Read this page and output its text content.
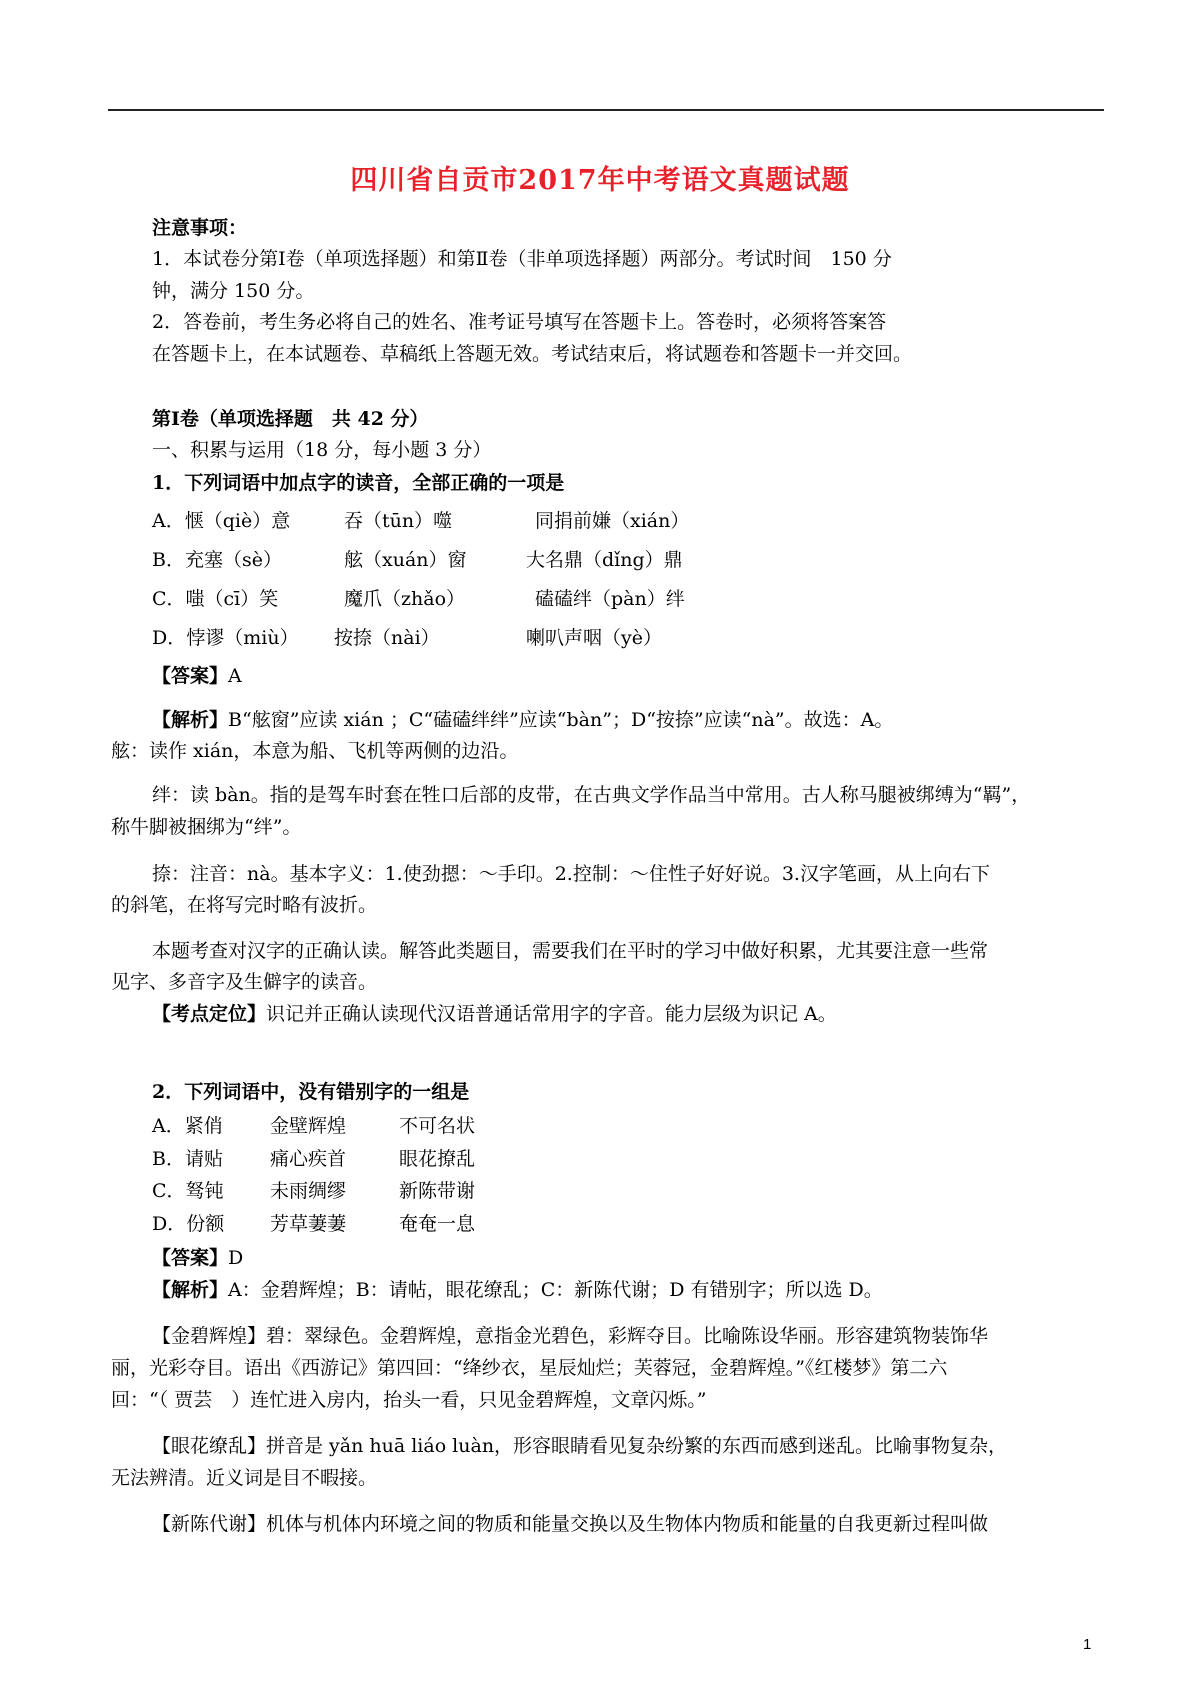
四川省自贡市2017年中考语文真题试题
注意事项：
1．本试卷分第Ⅰ卷（单项选择题）和第Ⅱ卷（非单项选择题）两部分。考试时间　150 分
钟，满分 150 分。
2．答卷前，考生务必将自己的姓名、准考证号填写在答题卡上。答卷时，必须将答案答
在答题卡上，在本试题卷、草稿纸上答题无效。考试结束后，将试题卷和答题卡一并交回。
第Ⅰ卷（单项选择题　共 42 分）
一、积累与运用（18 分，每小题 3 分）
1．下列词语中加点字的读音，全部正确的一项是
A．惬（qiè）意	吞（tūn）噬	同捐前嫌（xián）
B．充塞（sè）	舷（xuán）窗	大名鼎（dǐng）鼎
C．嗤（cī）笑	魔爪（zhǎo）	磕磕绊（pàn）绊
D．悖谬（miù） 按捺（nài）	喇叭声咽（yè）
【答案】A
【解析】B“舷窗”应读 xián ；C“磕磕绊绊”应读“bàn”；D“按捺”应读“nà”。故选：A。
舷：读作 xián，本意为船、飞机等两侧的边沿。
绊：读 bàn。指的是驾车时套在牲口后部的皮带，在古典文学作品当中常用。古人称马腿被绑缚为“羁”，
称牛脚被捆绑为“绊”。
捺：注音：nà。基本字义：1.使劲摁：～手印。2.控制：～住性子好好说。3.汉字笔画，从上向右下
的斜笔，在将写完时略有波折。
本题考查对汉字的正确认读。解答此类题目，需要我们在平时的学习中做好积累，尤其要注意一些常
见字、多音字及生僻字的读音。
【考点定位】识记并正确认读现代汉语普通话常用字的字音。能力层级为识记 A。
2．下列词语中，没有错别字的一组是
A．紧俏 金壁辉煌	不可名状
B．请贴 痛心疾首	眼花撩乱
C．驽钝 未雨绸缪	新陈带谢
D．份额 芳草萋萋	奄奄一息
【答案】D
【解析】A：金碧辉煌；B：请帖，眼花缭乱；C：新陈代谢；D 有错别字；所以选 D。
【金碧辉煌】碧：翠绿色。金碧辉煌，意指金光碧色，彩辉夺目。比喻陈设华丽。形容建筑物装饰华
丽，光彩夺目。语出《西游记》第四回：“绛纱衣，星辰灿烂；芙蓉冠，金碧辉煌。”《红楼梦》第二六
回：“（ 贾芸　）连忙进入房内，抬头一看，只见金碧辉煌，文章闪烁。”
【眼花缭乱】拼音是 yǎn huā liáo luàn，形容眼睛看见复杂纷繁的东西而感到迷乱。比喻事物复杂，
无法辨清。近义词是目不暇接。
【新陈代谢】机体与机体内环境之间的物质和能量交换以及生物体内物质和能量的自我更新过程叫做
1
